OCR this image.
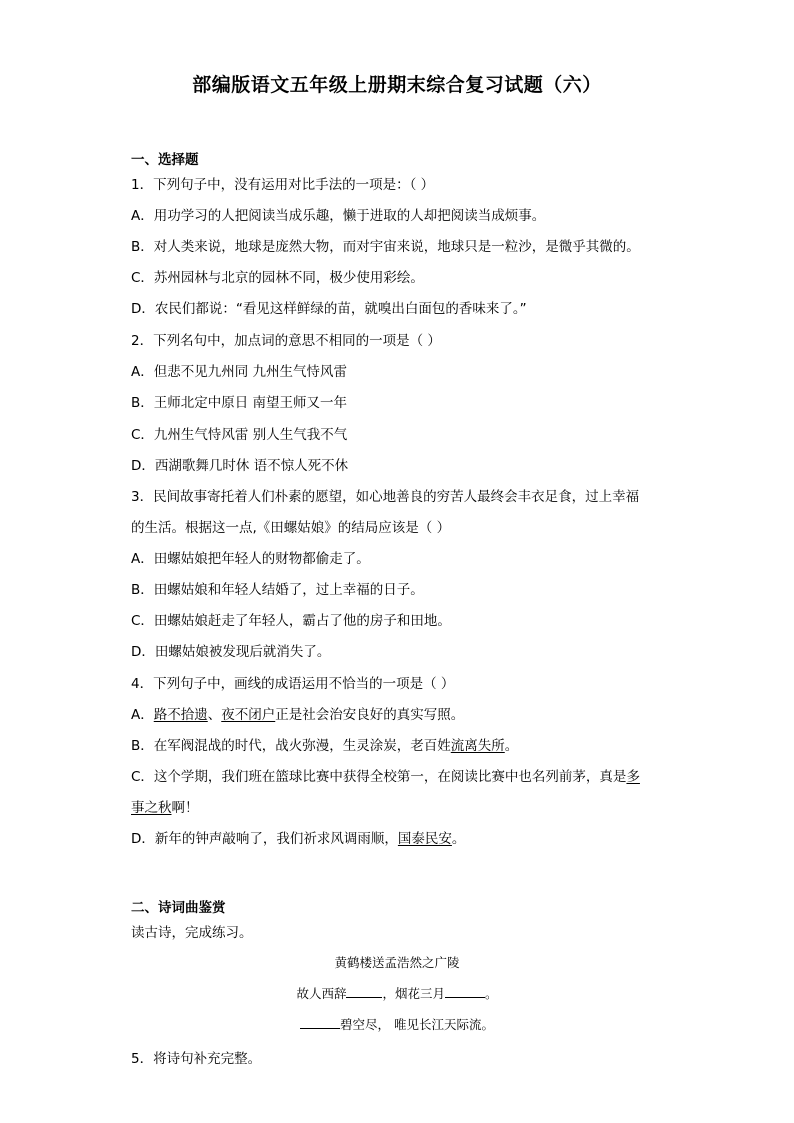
部编版语文五年级上册期末综合复习试题（六）
一、选择题
1．下列句子中，没有运用对比手法的一项是：（ ）
A．用功学习的人把阅读当成乐趣，懒于进取的人却把阅读当成烦事。
B．对人类来说，地球是庞然大物，而对宇宙来说，地球只是一粒沙，是微乎其微的。
C．苏州园林与北京的园林不同，极少使用彩绘。
D．农民们都说：“看见这样鲜绿的苗，就嗅出白面包的香味来了。”
2．下列名句中，加点词的意思不相同的一项是（ ）
A．但悲不见九州同 九州生气恃风雷
B．王师北定中原日 南望王师又一年
C．九州生气恃风雷 别人生气我不气
D．西湖歌舞几时休 语不惊人死不休
3．民间故事寄托着人们朴素的愿望，如心地善良的穷苦人最终会丰衣足食，过上幸福
的生活。根据这一点,《田螺姑娘》的结局应该是（ ）
A．田螺姑娘把年轻人的财物都偷走了。
B．田螺姑娘和年轻人结婚了，过上幸福的日子。
C．田螺姑娘赶走了年轻人，霸占了他的房子和田地。
D．田螺姑娘被发现后就消失了。
4．下列句子中，画线的成语运用不恰当的一项是（ ）
A．路不拾遗、夜不闭户正是社会治安良好的真实写照。
B．在军阀混战的时代，战火弥漫，生灵涂炭，老百姓流离失所。
C．这个学期，我们班在篮球比赛中获得全校第一，在阅读比赛中也名列前茅，真是多
事之秋啊！
D．新年的钟声敲响了，我们祈求风调雨顺，国泰民安。
二、诗词曲鉴赏
读古诗，完成练习。
黄鹤楼送孟浩然之广陵
故人西辞	，烟花三月	。
碧空尽， 唯见长江天际流。
5．将诗句补充完整。
